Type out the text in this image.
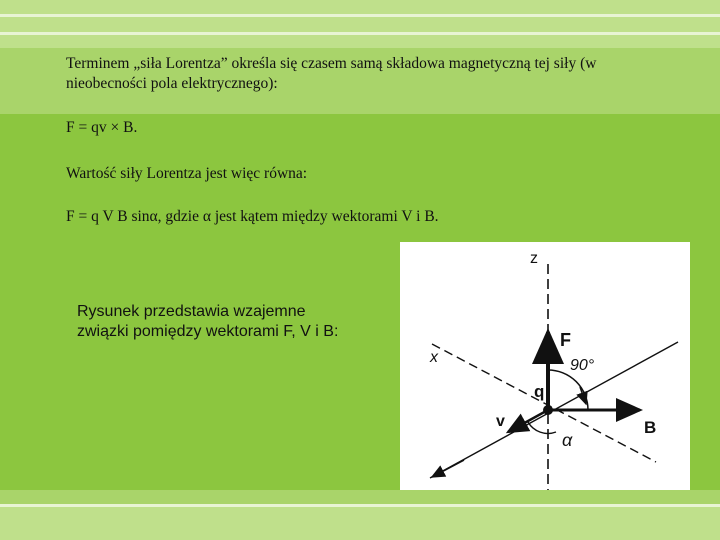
Terminem „siła Lorentza” określa się czasem samą składowa magnetyczną tej siły (w
nieobecności pola elektrycznego):
F = qv × B.
Wartość siły Lorentza jest więc równa:
F = q V B sinα, gdzie α jest kątem między wektorami V i B.
Rysunek przedstawia wzajemne
związki pomiędzy wektorami F, V i B:
z
x
F
90°
q
v
α
B
